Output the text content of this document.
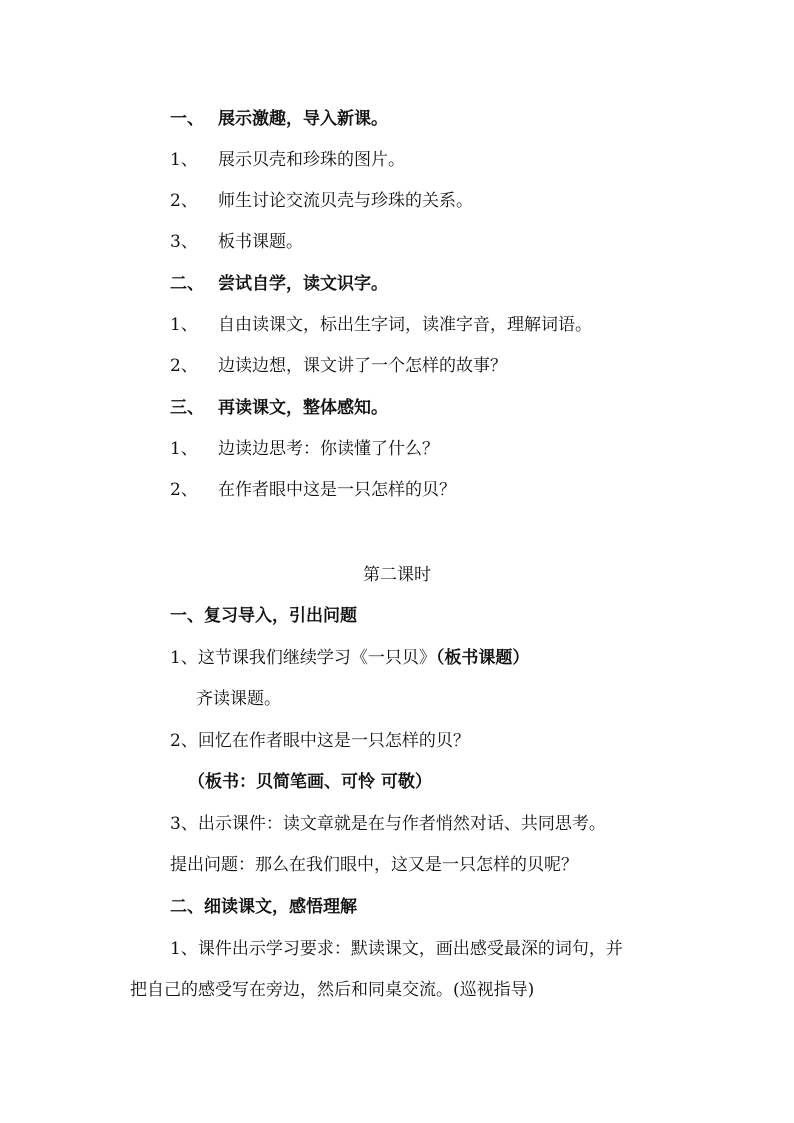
一、 展示激趣，导入新课。
1、 展示贝壳和珍珠的图片。
2、 师生讨论交流贝壳与珍珠的关系。
3、 板书课题。
二、 尝试自学，读文识字。
1、 自由读课文，标出生字词，读准字音，理解词语。
2、 边读边想，课文讲了一个怎样的故事？
三、 再读课文，整体感知。
1、 边读边思考：你读懂了什么？
2、 在作者眼中这是一只怎样的贝？
第二课时
一、复习导入，引出问题
1、这节课我们继续学习《一只贝》（板书课题）
齐读课题。
2、回忆在作者眼中这是一只怎样的贝？
（板书：贝简笔画、可怜 可敬）
3、出示课件：读文章就是在与作者悄然对话、共同思考。
提出问题：那么在我们眼中，这又是一只怎样的贝呢？
二、细读课文，感悟理解
1、课件出示学习要求：默读课文，画出感受最深的词句，并
把自己的感受写在旁边，然后和同桌交流。(巡视指导)
